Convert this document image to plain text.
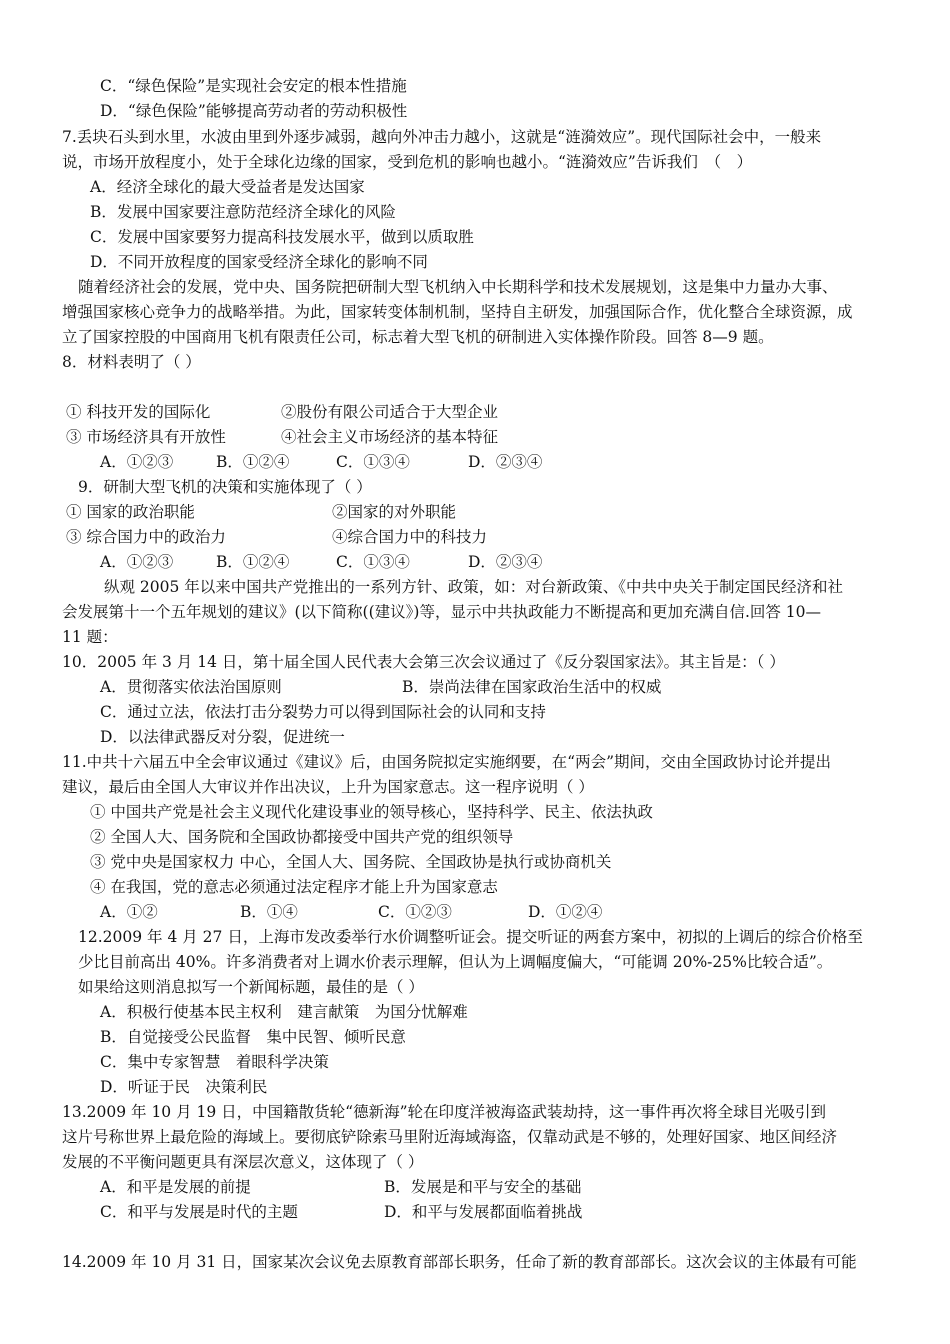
C．“绿色保险”是实现社会安定的根本性措施
D．“绿色保险”能够提高劳动者的劳动积极性
7.丢块石头到水里，水波由里到外逐步减弱，越向外冲击力越小，这就是“涟漪效应”。现代国际社会中，一般来
说，市场开放程度小，处于全球化边缘的国家，受到危机的影响也越小。“涟漪效应”告诉我们　（　）
A．经济全球化的最大受益者是发达国家
B．发展中国家要注意防范经济全球化的风险
C．发展中国家要努力提高科技发展水平，做到以质取胜
D．不同开放程度的国家受经济全球化的影响不同
随着经济社会的发展，党中央、国务院把研制大型飞机纳入中长期科学和技术发展规划，这是集中力量办大事、
增强国家核心竞争力的战略举措。为此，国家转变体制机制，坚持自主研发，加强国际合作，优化整合全球资源，成
立了国家控股的中国商用飞机有限责任公司，标志着大型飞机的研制进入实体操作阶段。回答 8—9 题。
8．材料表明了（ ）
① 科技开发的国际化	②股份有限公司适合于大型企业
③ 市场经济具有开放性	④社会主义市场经济的基本特征
A．①②③	B．①②④	C．①③④	D．②③④
9．研制大型飞机的决策和实施体现了（ ）
① 国家的政治职能	②国家的对外职能
③ 综合国力中的政治力	④综合国力中的科技力
A．①②③	B．①②④	C．①③④	D．②③④
纵观 2005 年以来中国共产党推出的一系列方针、政策，如：对台新政策、《中共中央关于制定国民经济和社
会发展第十一个五年规划的建议》(以下简称((建议》)等，显示中共执政能力不断提高和更加充满自信.回答 10—
11 题：
10．2005 年 3 月 14 日，第十届全国人民代表大会第三次会议通过了《反分裂国家法》。其主旨是：（ ）
A．贯彻落实依法治国原则	B．崇尚法律在国家政治生活中的权威
C．通过立法，依法打击分裂势力可以得到国际社会的认同和支持
D．以法律武器反对分裂，促进统一
11.中共十六届五中全会审议通过《建议》后，由国务院拟定实施纲要，在“两会”期间，交由全国政协讨论并提出
建议，最后由全国人大审议并作出决议，上升为国家意志。这一程序说明（ ）
① 中国共产党是社会主义现代化建设事业的领导核心，坚持科学、民主、依法执政
② 全国人大、国务院和全国政协都接受中国共产党的组织领导
③ 党中央是国家权力 中心，全国人大、国务院、全国政协是执行或协商机关
④ 在我国，党的意志必须通过法定程序才能上升为国家意志
A．①②	B．①④	C．①②③	D．①②④
12.2009 年 4 月 27 日，上海市发改委举行水价调整听证会。提交听证的两套方案中，初拟的上调后的综合价格至
少比目前高出 40%。许多消费者对上调水价表示理解，但认为上调幅度偏大，“可能调 20%-25%比较合适”。
如果给这则消息拟写一个新闻标题，最佳的是（ ）
A．积极行使基本民主权利　建言献策　为国分忧解难
B．自觉接受公民监督　集中民智、倾听民意
C．集中专家智慧　着眼科学决策
D．听证于民　决策利民
13.2009 年 10 月 19 日，中国籍散货轮“德新海”轮在印度洋被海盗武装劫持，这一事件再次将全球目光吸引到
这片号称世界上最危险的海域上。要彻底铲除索马里附近海域海盗，仅靠动武是不够的，处理好国家、地区间经济
发展的不平衡问题更具有深层次意义，这体现了（ ）
A．和平是发展的前提	B．发展是和平与安全的基础
C．和平与发展是时代的主题	D．和平与发展都面临着挑战
14.2009 年 10 月 31 日，国家某次会议免去原教育部部长职务，任命了新的教育部部长。这次会议的主体最有可能
